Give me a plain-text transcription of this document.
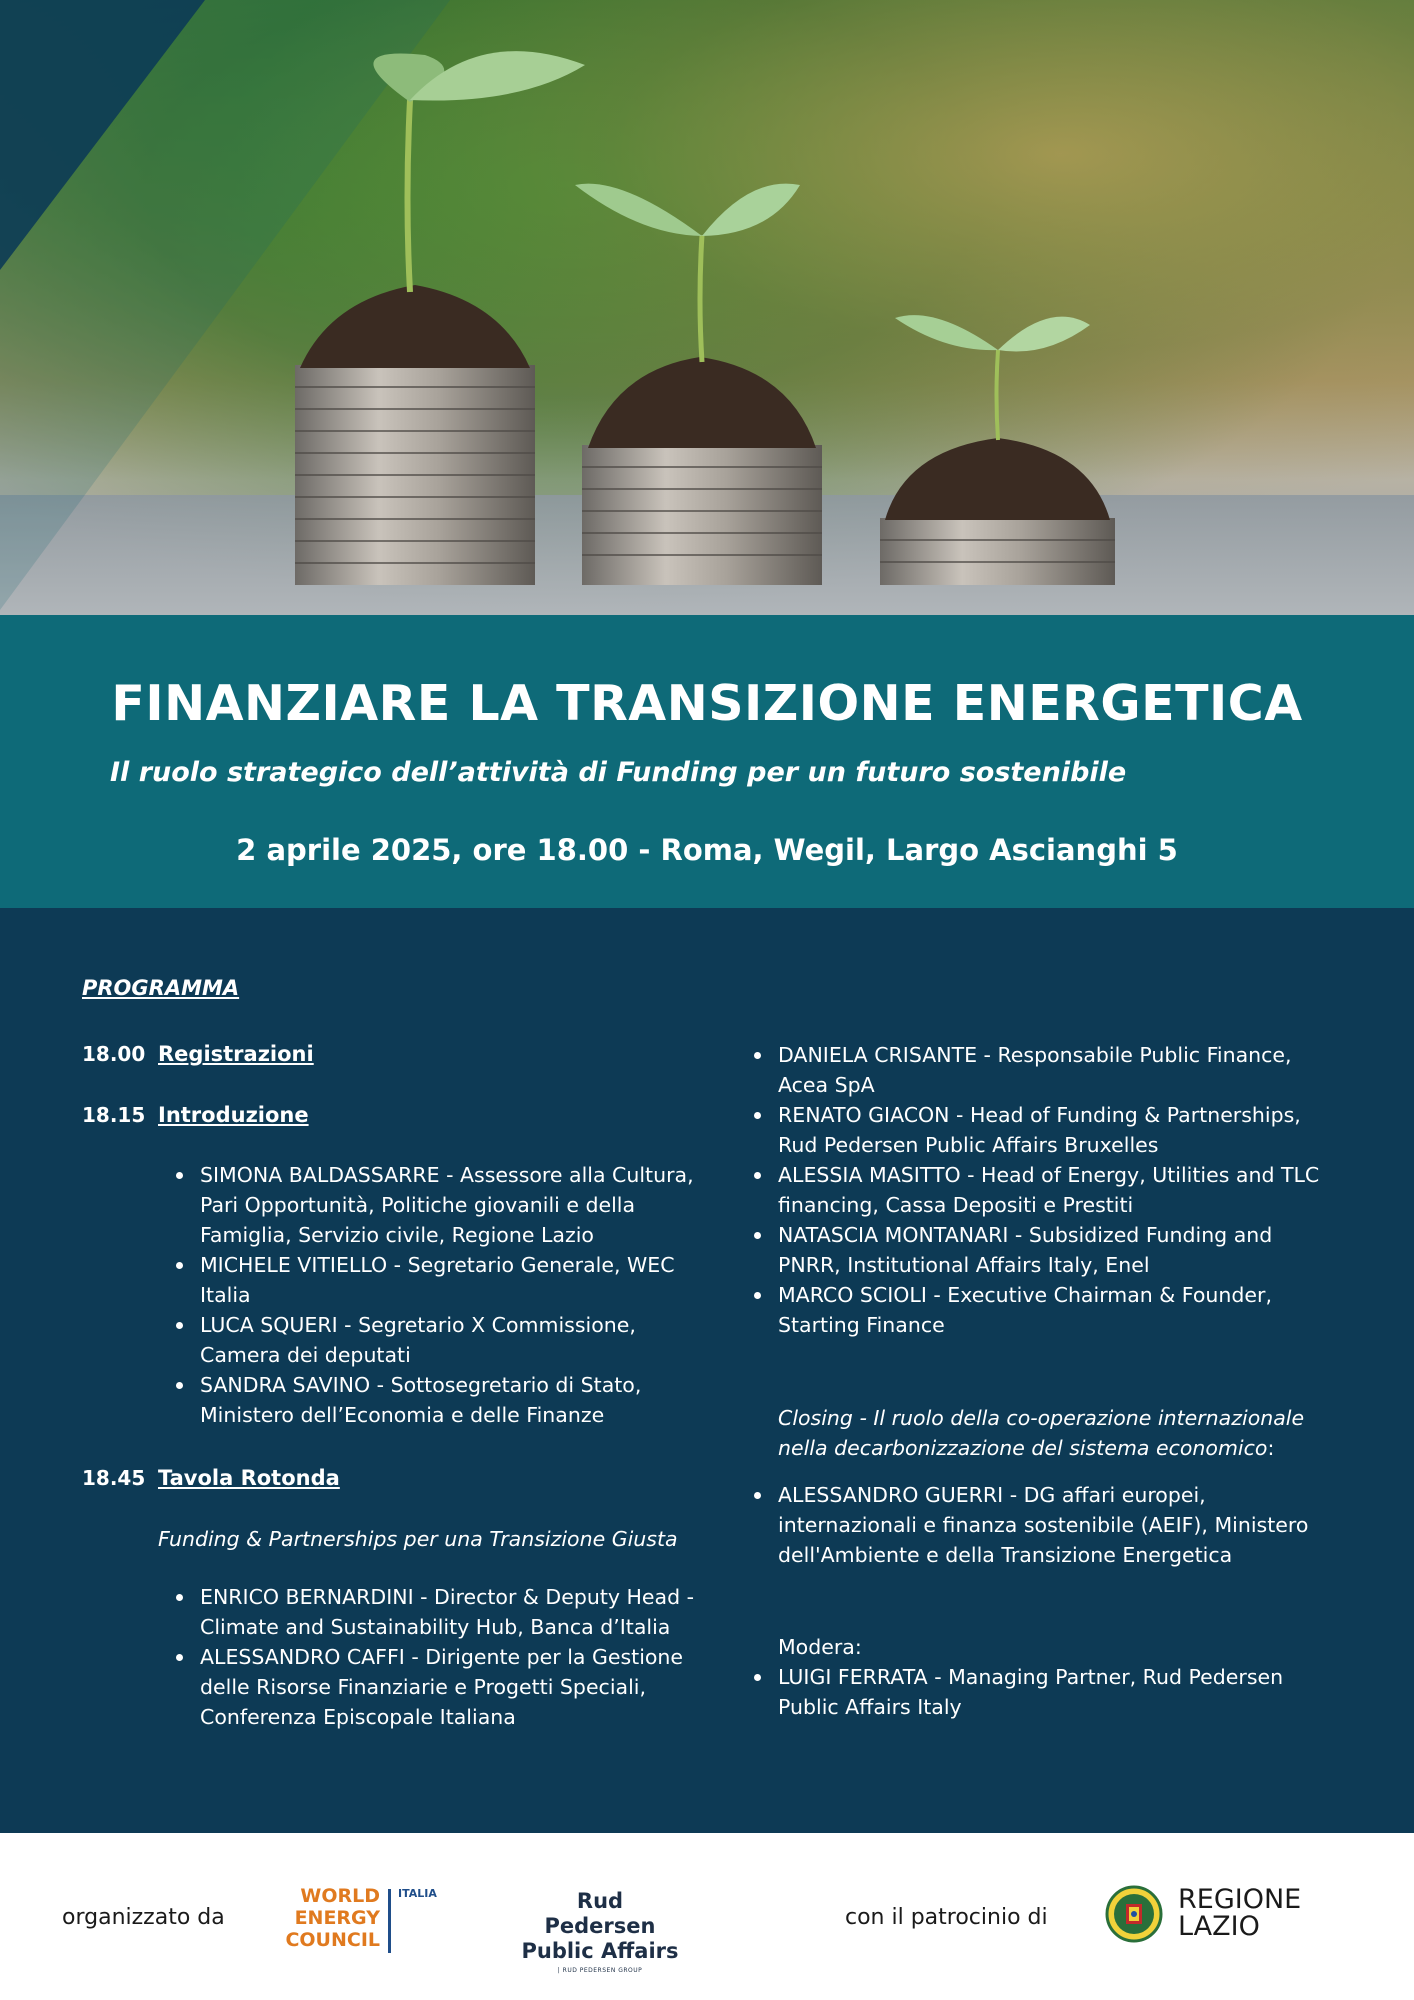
FINANZIARE LA TRANSIZIONE ENERGETICA
Il ruolo strategico dell’attività di Funding per un futuro sostenibile
2 aprile 2025, ore 18.00 - Roma, Wegil, Largo Ascianghi 5
PROGRAMMA
18.00 Registrazioni
18.15 Introduzione
SIMONA BALDASSARRE - Assessore alla Cultura, Pari Opportunità, Politiche giovanili e della Famiglia, Servizio civile, Regione Lazio
MICHELE VITIELLO - Segretario Generale, WEC Italia
LUCA SQUERI - Segretario X Commissione, Camera dei deputati
SANDRA SAVINO - Sottosegretario di Stato, Ministero dell’Economia e delle Finanze
18.45 Tavola Rotonda
Funding & Partnerships per una Transizione Giusta
ENRICO BERNARDINI - Director & Deputy Head - Climate and Sustainability Hub, Banca d’Italia
ALESSANDRO CAFFI - Dirigente per la Gestione delle Risorse Finanziarie e Progetti Speciali, Conferenza Episcopale Italiana
DANIELA CRISANTE - Responsabile Public Finance, Acea SpA
RENATO GIACON - Head of Funding & Partnerships, Rud Pedersen Public Affairs Bruxelles
ALESSIA MASITTO - Head of Energy, Utilities and TLC financing, Cassa Depositi e Prestiti
NATASCIA MONTANARI - Subsidized Funding and PNRR, Institutional Affairs Italy, Enel
MARCO SCIOLI - Executive Chairman & Founder, Starting Finance
Closing - Il ruolo della co-operazione internazionale nella decarbonizzazione del sistema economico:
ALESSANDRO GUERRI - DG affari europei, internazionali e finanza sostenibile (AEIF), Ministero dell'Ambiente e della Transizione Energetica
Modera:
LUIGI FERRATA - Managing Partner, Rud Pedersen Public Affairs Italy
organizzato da
WORLD
ENERGY
COUNCIL
ITALIA	Rud Pedersen
Public Affairs
| RUD PEDERSEN GROUP
con il patrocinio di
REGIONE
LAZIO
